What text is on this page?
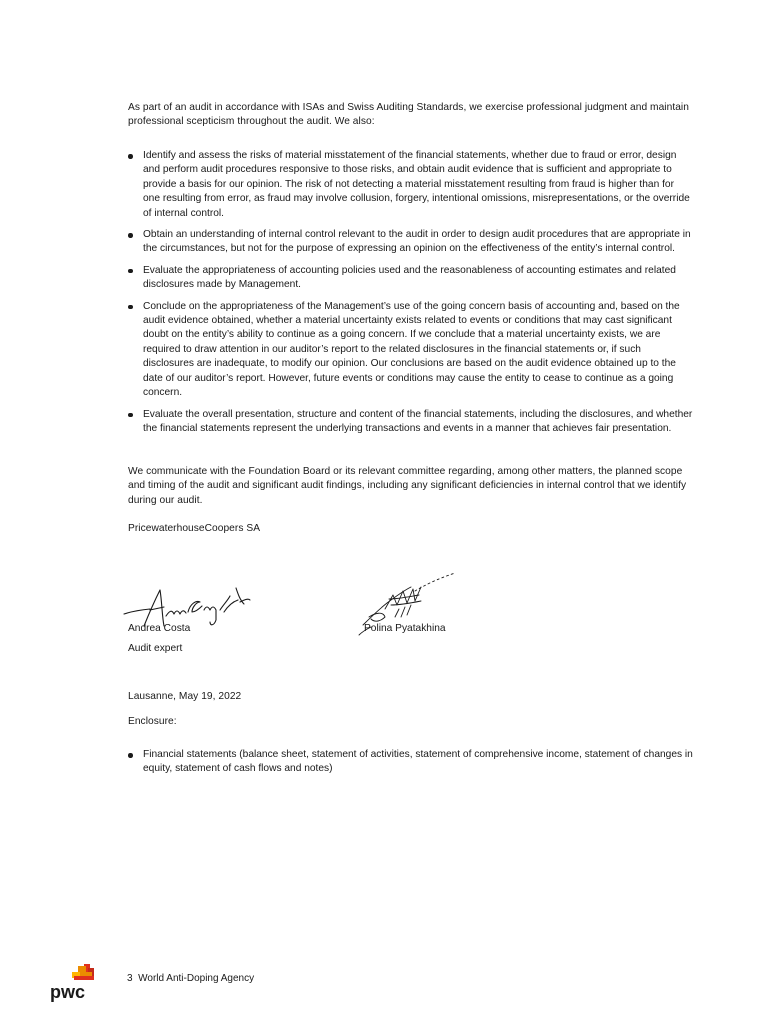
As part of an audit in accordance with ISAs and Swiss Auditing Standards, we exercise professional judgment and maintain professional scepticism throughout the audit. We also:

Identify and assess the risks of material misstatement of the financial statements, whether due to fraud or error, design and perform audit procedures responsive to those risks, and obtain audit evidence that is sufficient and appropriate to provide a basis for our opinion. The risk of not detecting a material misstatement resulting from fraud is higher than for one resulting from error, as fraud may involve collusion, forgery, intentional omissions, misrepresentations, or the override of internal control.
Obtain an understanding of internal control relevant to the audit in order to design audit procedures that are appropriate in the circumstances, but not for the purpose of expressing an opinion on the effectiveness of the entity’s internal control.
Evaluate the appropriateness of accounting policies used and the reasonableness of accounting estimates and related disclosures made by Management.
Conclude on the appropriateness of the Management’s use of the going concern basis of accounting and, based on the audit evidence obtained, whether a material uncertainty exists related to events or conditions that may cast significant doubt on the entity’s ability to continue as a going concern. If we conclude that a material uncertainty exists, we are required to draw attention in our auditor’s report to the related disclosures in the financial statements or, if such disclosures are inadequate, to modify our opinion. Our conclusions are based on the audit evidence obtained up to the date of our auditor’s report. However, future events or conditions may cause the entity to cease to continue as a going concern.
Evaluate the overall presentation, structure and content of the financial statements, including the disclosures, and whether the financial statements represent the underlying transactions and events in a manner that achieves fair presentation.

We communicate with the Foundation Board or its relevant committee regarding, among other matters, the planned scope and timing of the audit and significant audit findings, including any significant deficiencies in internal control that we identify during our audit.

PricewaterhouseCoopers SA

Andrea Costa
Audit expert
Polina Pyatakhina

Lausanne, May 19, 2022

Enclosure:

Financial statements (balance sheet, statement of activities, statement of comprehensive income, statement of changes in equity, statement of cash flows and notes)
pwc
3 World Anti-Doping Agency
